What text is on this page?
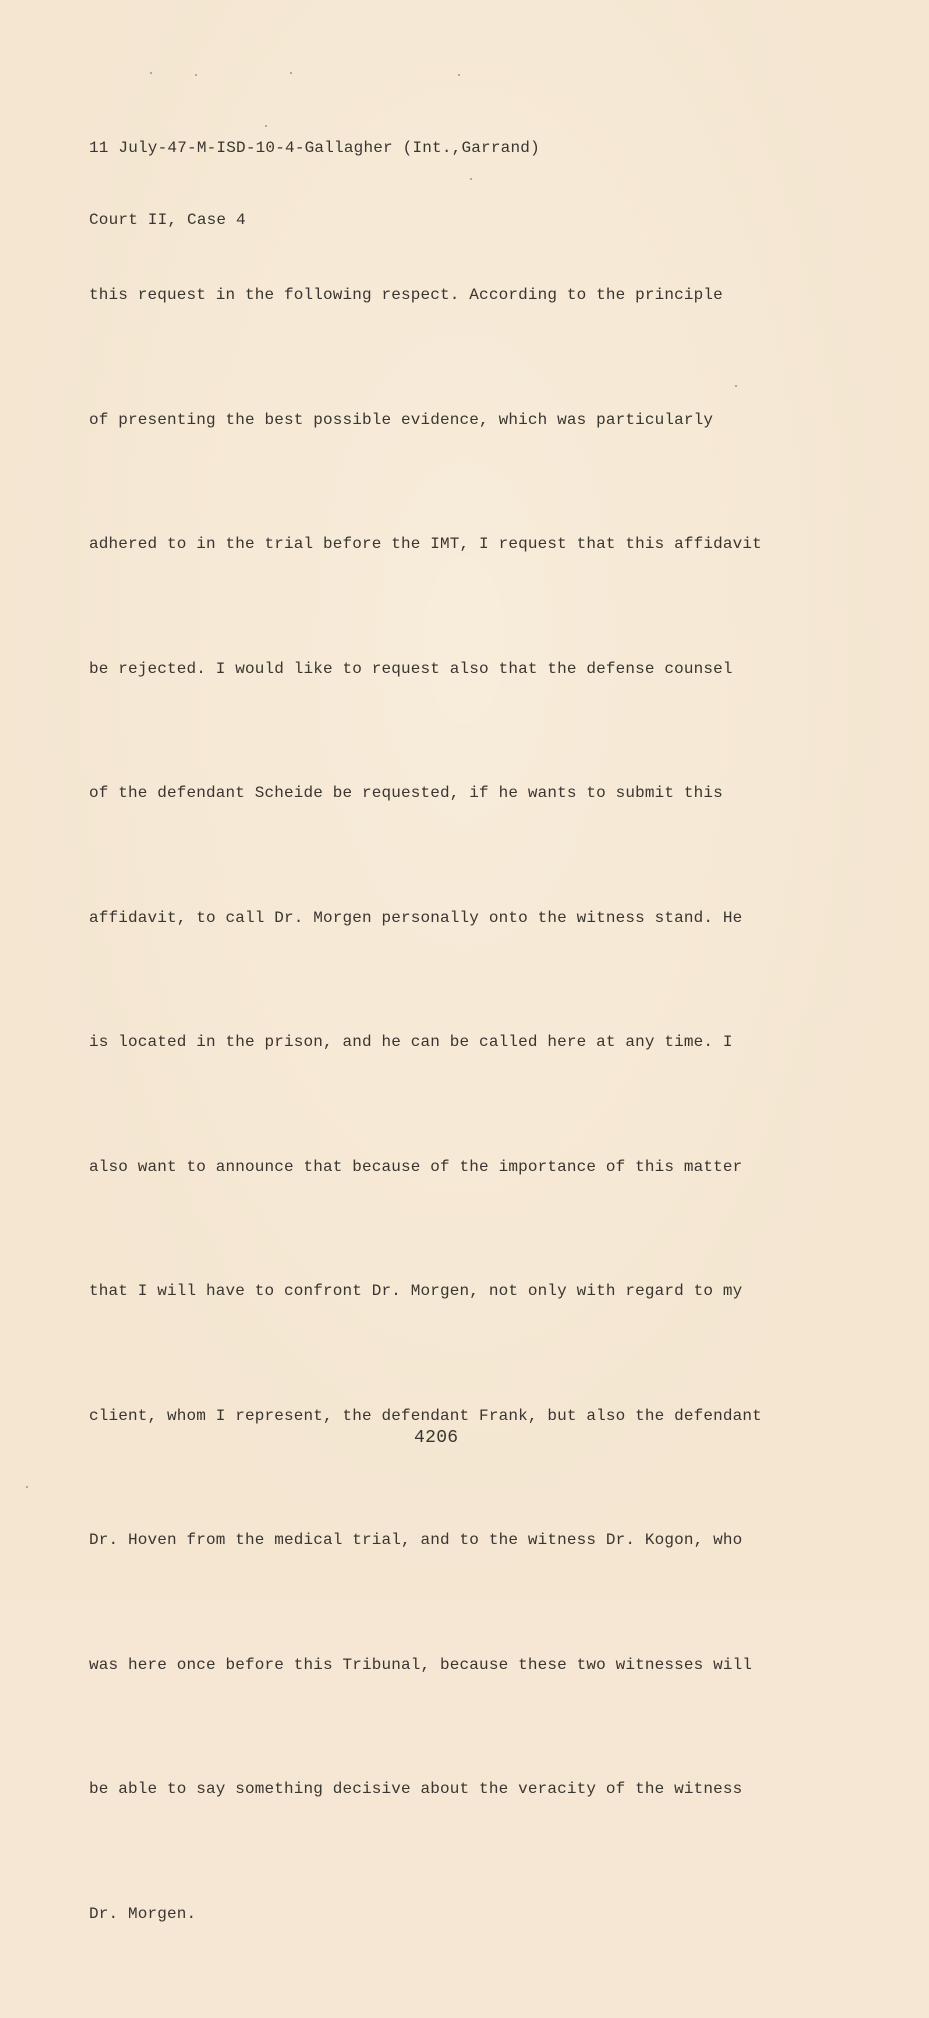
11 July-47-M-ISD-10-4-Gallagher (Int.,Garrand)

Court II, Case 4

this request in the following respect. According to the principle

of presenting the best possible evidence, which was particularly

adhered to in the trial before the IMT, I request that this affidavit

be rejected. I would like to request also that the defense counsel

of the defendant Scheide be requested, if he wants to submit this

affidavit, to call Dr. Morgen personally onto the witness stand. He

is located in the prison, and he can be called here at any time. I

also want to announce that because of the importance of this matter

that I will have to confront Dr. Morgen, not only with regard to my

client, whom I represent, the defendant Frank, but also the defendant

Dr. Hoven from the medical trial, and to the witness Dr. Kogon, who

was here once before this Tribunal, because these two witnesses will

be able to say something decisive about the veracity of the witness

Dr. Morgen.

4206
